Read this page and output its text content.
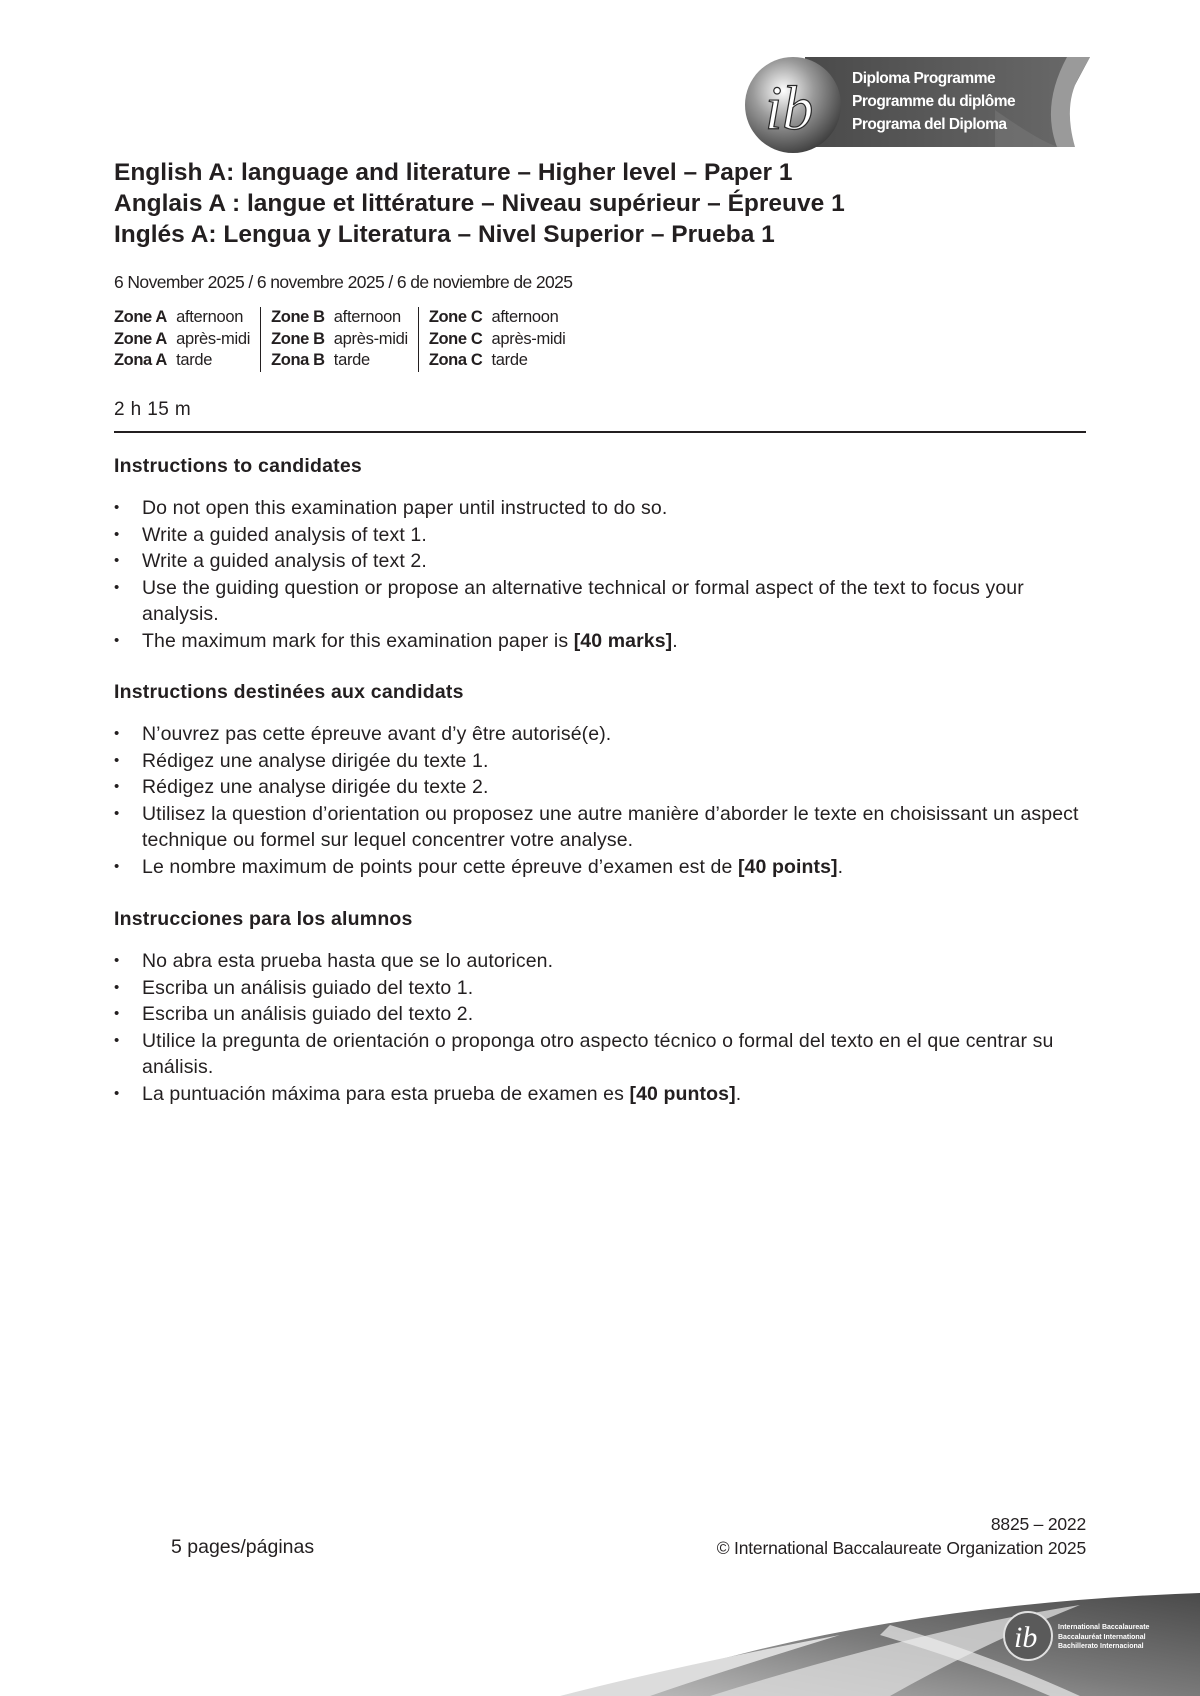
ib	Diploma Programme
Programme du diplôme
Programa del Diploma
English A: language and literature – Higher level – Paper 1
Anglais A : langue et littérature – Niveau supérieur – Épreuve 1
Inglés A: Lengua y Literatura – Nivel Superior – Prueba 1
6 November 2025 / 6 novembre 2025 / 6 de noviembre de 2025
Zone A afternoon
Zone A après-midi
Zona A tarde
Zone B afternoon
Zone B après-midi
Zona B tarde
Zone C afternoon
Zone C après-midi
Zona C tarde
2 h 15 m
Instructions to candidates
• Do not open this examination paper until instructed to do so.
• Write a guided analysis of text 1.
• Write a guided analysis of text 2.
• Use the guiding question or propose an alternative technical or formal aspect of the text to focus your analysis.
• The maximum mark for this examination paper is [40 marks].
Instructions destinées aux candidats
• N’ouvrez pas cette épreuve avant d’y être autorisé(e).
• Rédigez une analyse dirigée du texte 1.
• Rédigez une analyse dirigée du texte 2.
• Utilisez la question d’orientation ou proposez une autre manière d’aborder le texte en choisissant un aspect technique ou formel sur lequel concentrer votre analyse.
• Le nombre maximum de points pour cette épreuve d’examen est de [40 points].
Instrucciones para los alumnos
• No abra esta prueba hasta que se lo autoricen.
• Escriba un análisis guiado del texto 1.
• Escriba un análisis guiado del texto 2.
• Utilice la pregunta de orientación o proponga otro aspecto técnico o formal del texto en el que centrar su análisis.
• La puntuación máxima para esta prueba de examen es [40 puntos].
5 pages/páginas
8825 – 2022
© International Baccalaureate Organization 2025
ib	International Baccalaureate
Baccalauréat International
Bachillerato Internacional
